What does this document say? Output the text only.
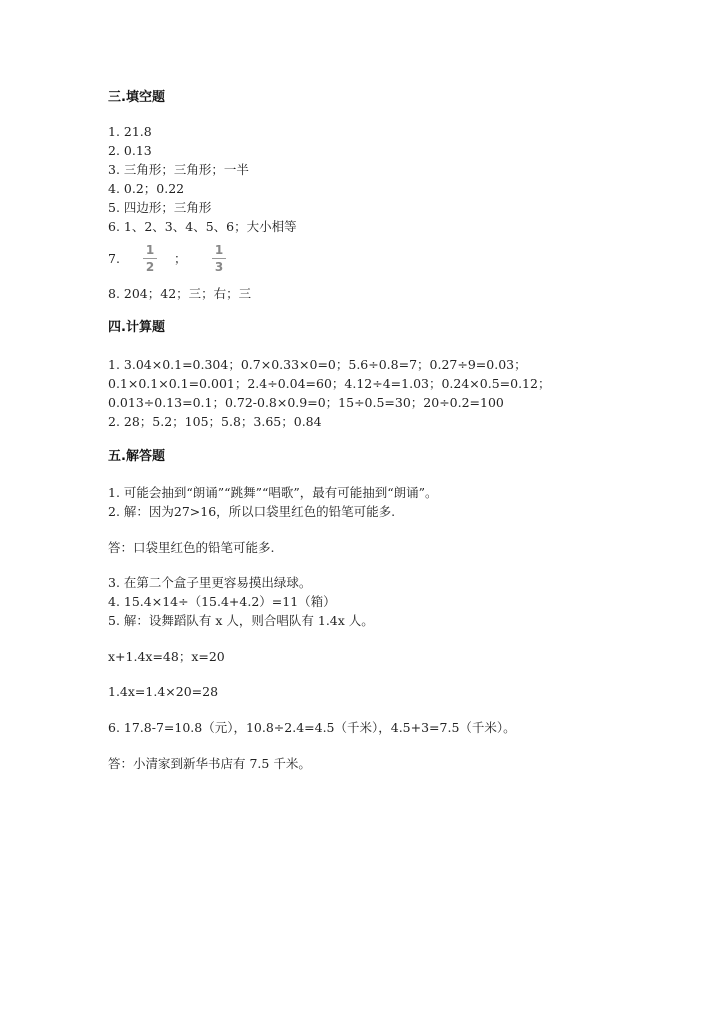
三.填空题
1. 21.8
2. 0.13
3. 三角形；三角形；一半
4. 0.2；0.22
5. 四边形；三角形
6. 1、2、3、4、5、6；大小相等
7.
1
2
；
1
3
8. 204；42；三；右；三
四.计算题
1. 3.04×0.1=0.304；0.7×0.33×0=0；5.6÷0.8=7；0.27÷9=0.03；
0.1×0.1×0.1=0.001；2.4÷0.04=60；4.12÷4=1.03；0.24×0.5=0.12；
0.013÷0.13=0.1；0.72-0.8×0.9=0；15÷0.5=30；20÷0.2=100
2. 28；5.2；105；5.8；3.65；0.84
五.解答题
1. 可能会抽到“朗诵”“跳舞”“唱歌”，最有可能抽到“朗诵”。
2. 解：因为27>16，所以口袋里红色的铅笔可能多.
答：口袋里红色的铅笔可能多.
3. 在第二个盒子里更容易摸出绿球。
4. 15.4×14÷（15.4+4.2）=11（箱）
5. 解：设舞蹈队有 x 人，则合唱队有 1.4x 人。
x+1.4x=48；x=20
1.4x=1.4×20=28
6. 17.8-7=10.8（元），10.8÷2.4=4.5（千米），4.5+3=7.5（千米）。
答：小清家到新华书店有 7.5 千米。
